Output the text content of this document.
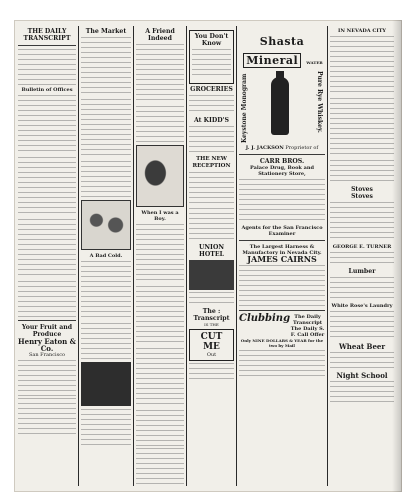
THE DAILY TRANSCRIPT
Bulletin of Offices
Your Fruit and Produce
Henry Eaton & Co.
San Francisco
The Market
A Bad Cold.
A Friend Indeed
When I was a Boy.
You Don't Know
GROCERIES
At KIDD'S
THE NEW RECEPTION
UNION HOTEL
The : Transcript
IS THE
CUT ME
Out
Shasta Mineral WATER
Keystone Monogram	Pure Rye Whiskey.
J. J. JACKSON Proprietor of
CARR BROS.
Palace Drug, Book and Stationery Store,
Agents for the San Francisco Examiner
The Largest Harness & Manufactory in Nevada City.
JAMES CAIRNS
Clubbing The Daily Transcript
The Daily S. F. Call Offer
Only NINE DOLLARS & YEAR for the two by Mail
IN NEVADA CITY
Stoves
Stoves
GEORGE E. TURNER
Lumber
White Rose's Laundry
Wheat Beer
Night School
